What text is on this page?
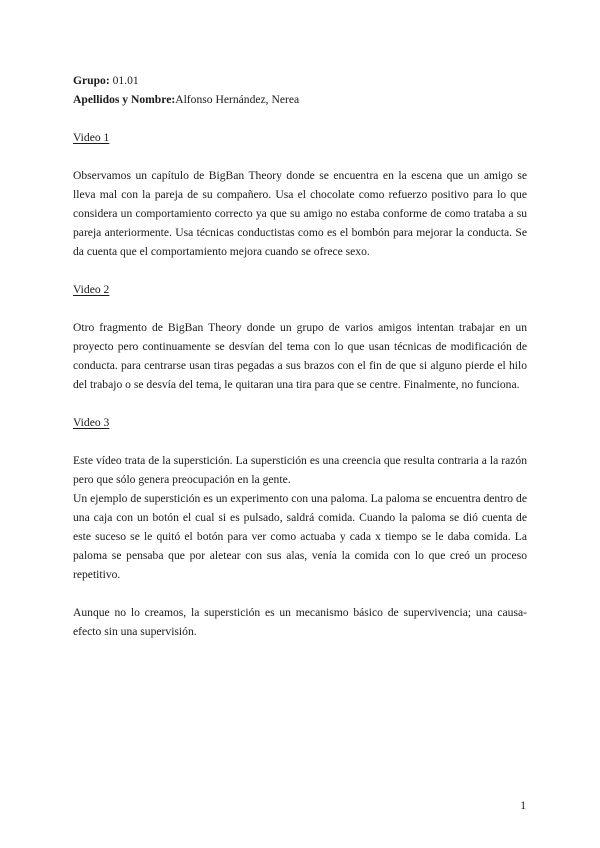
Grupo: 01.01

Apellidos y Nombre:Alfonso Hernández, Nerea

Video 1

Observamos un capítulo de BigBan Theory donde se encuentra en la escena que un amigo se lleva mal con la pareja de su compañero. Usa el chocolate como refuerzo positivo para lo que considera un comportamiento correcto ya que su amigo no estaba conforme de como trataba a su pareja anteriormente. Usa técnicas conductistas como es el bombón para mejorar la conducta. Se da cuenta que el comportamiento mejora cuando se ofrece sexo.

Video 2

Otro fragmento de BigBan Theory donde un grupo de varios amigos intentan trabajar en un proyecto pero continuamente se desvían del tema con lo que usan técnicas de modificación de conducta. para centrarse usan tiras pegadas a sus brazos con el fin de que si alguno pierde el hilo del trabajo o se desvía del tema, le quitaran una tira para que se centre. Finalmente, no funciona.

Video 3

Este vídeo trata de la superstición. La superstición es una creencia que resulta contraria a la razón pero que sólo genera preocupación en la gente.

Un ejemplo de superstición es un experimento con una paloma. La paloma se encuentra dentro de una caja con un botón el cual si es pulsado, saldrá comida. Cuando la paloma se dió cuenta de este suceso se le quitó el botón para ver como actuaba y cada x tiempo se le daba comida. La paloma se pensaba que por aletear con sus alas, venía la comida con lo que creó un proceso repetitivo.

Aunque no lo creamos, la superstición es un mecanismo básico de supervivencia; una causa-efecto sin una supervisión.

1
